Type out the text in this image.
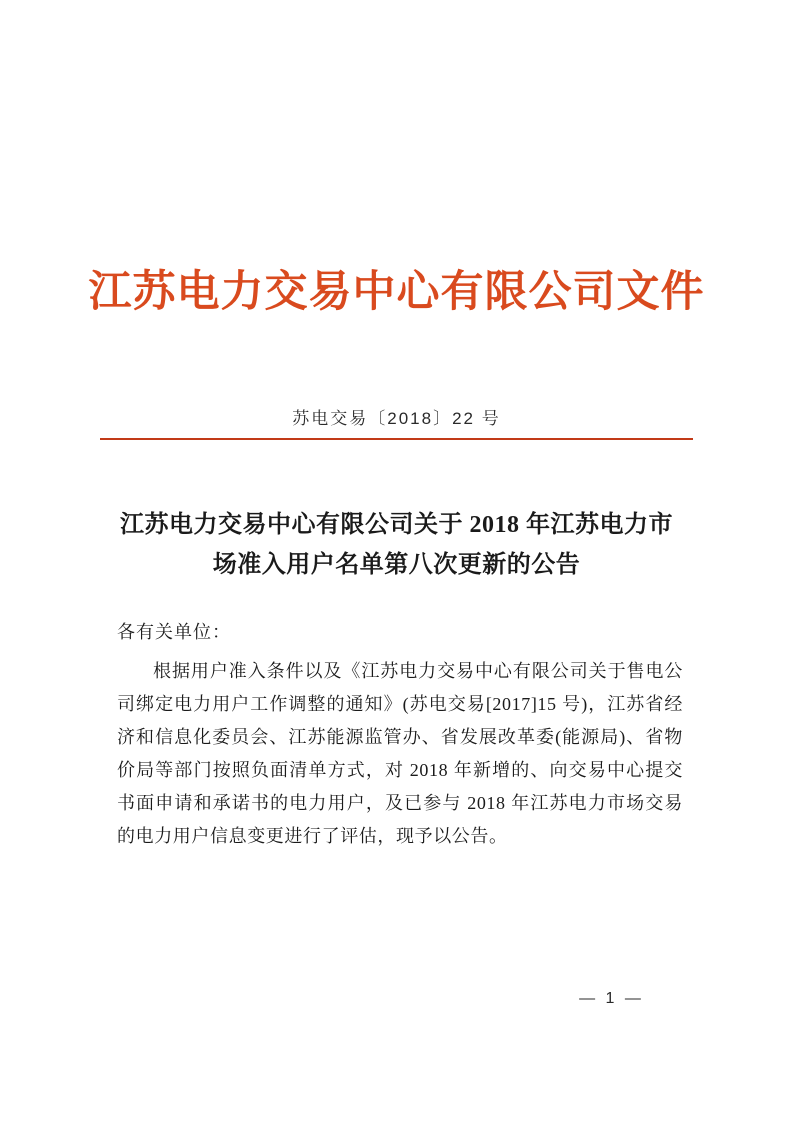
江苏电力交易中心有限公司文件
苏电交易〔2018〕22 号
江苏电力交易中心有限公司关于 2018 年江苏电力市场准入用户名单第八次更新的公告
各有关单位：
根据用户准入条件以及《江苏电力交易中心有限公司关于售电公司绑定电力用户工作调整的通知》(苏电交易[2017]15 号)，江苏省经济和信息化委员会、江苏能源监管办、省发展改革委(能源局)、省物价局等部门按照负面清单方式，对 2018 年新增的、向交易中心提交书面申请和承诺书的电力用户，及已参与 2018 年江苏电力市场交易的电力用户信息变更进行了评估，现予以公告。
— 1 —
